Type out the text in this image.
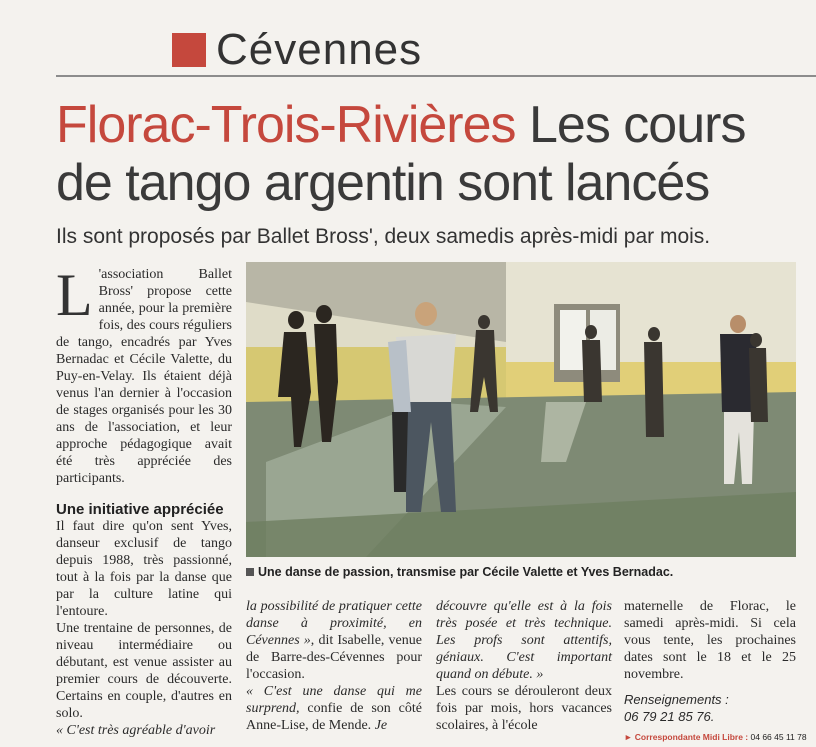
Cévennes
Florac-Trois-Rivières Les cours
de tango argentin sont lancés
Ils sont proposés par Ballet Bross', deux samedis après-midi par mois.

L 'association Ballet Bross' propose cette année, pour la première fois, des cours réguliers de tango, encadrés par Yves Bernadac et Cécile Valette, du Puy-en-Velay. Ils étaient déjà venus l'an dernier à l'occasion de stages organisés pour les 30 ans de l'association, et leur approche pédagogique avait été très appréciée des participants.

Une initiative appréciée

Il faut dire qu'on sent Yves, danseur exclusif de tango depuis 1988, très passionné, tout à la fois par la danse que par la culture latine qui l'entoure.

Une trentaine de personnes, de niveau intermédiaire ou débutant, est venue assister au premier cours de découverte. Certains en couple, d'autres en solo.

« C'est très agréable d'avoir

Une danse de passion, transmise par Cécile Valette et Yves Bernadac.

la possibilité de pratiquer cette danse à proximité, en Cévennes », dit Isabelle, venue de Barre-des-Cévennes pour l'occasion.

« C'est une danse qui me surprend, confie de son côté Anne-Lise, de Mende. Je

découvre qu'elle est à la fois très posée et très technique. Les profs sont attentifs, géniaux. C'est important quand on débute. »

Les cours se dérouleront deux fois par mois, hors vacances scolaires, à l'école

maternelle de Florac, le samedi après-midi. Si cela vous tente, les prochaines dates sont le 18 et le 25 novembre.

Renseignements :
06 79 21 85 76.

► Correspondante Midi Libre : 04 66 45 11 78
